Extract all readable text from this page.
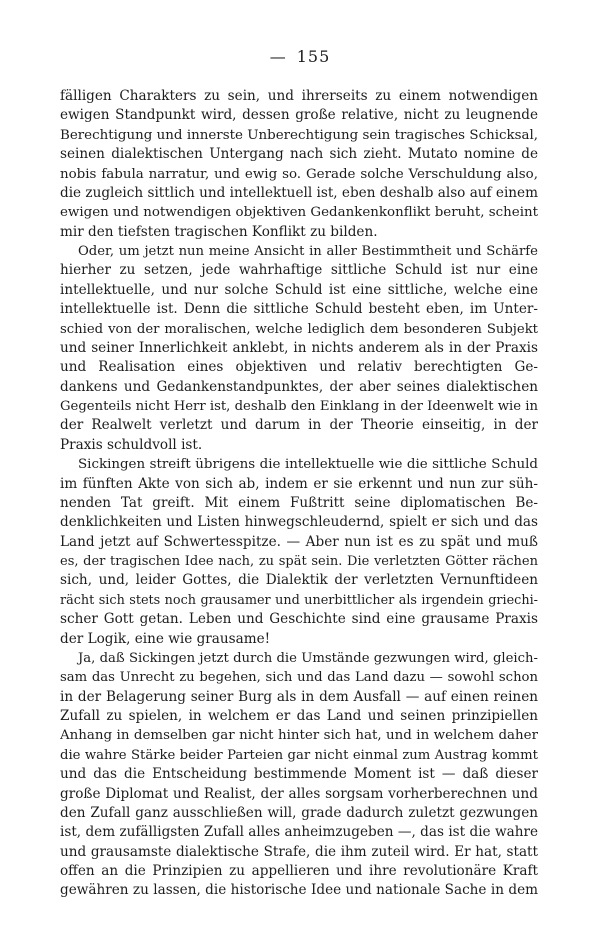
— 155
fälligen Charakters zu sein, und ihrerseits zu einem notwendigen
ewigen Standpunkt wird, dessen große relative, nicht zu leugnende
Berechtigung und innerste Unberechtigung sein tragisches Schicksal,
seinen dialektischen Untergang nach sich zieht. Mutato nomine de
nobis fabula narratur, und ewig so. Gerade solche Verschuldung also,
die zugleich sittlich und intellektuell ist, eben deshalb also auf einem
ewigen und notwendigen objektiven Gedankenkonflikt beruht, scheint
mir den tiefsten tragischen Konflikt zu bilden.
Oder, um jetzt nun meine Ansicht in aller Bestimmtheit und Schärfe
hierher zu setzen, jede wahrhaftige sittliche Schuld ist nur eine
intellektuelle, und nur solche Schuld ist eine sittliche, welche eine
intellektuelle ist. Denn die sittliche Schuld besteht eben, im Unter-
schied von der moralischen, welche lediglich dem besonderen Subjekt
und seiner Innerlichkeit anklebt, in nichts anderem als in der Praxis
und Realisation eines objektiven und relativ berechtigten Ge-
dankens und Gedankenstandpunktes, der aber seines dialektischen
Gegenteils nicht Herr ist, deshalb den Einklang in der Ideenwelt wie in
der Realwelt verletzt und darum in der Theorie einseitig, in der
Praxis schuldvoll ist.
Sickingen streift übrigens die intellektuelle wie die sittliche Schuld
im fünften Akte von sich ab, indem er sie erkennt und nun zur süh-
nenden Tat greift. Mit einem Fußtritt seine diplomatischen Be-
denklichkeiten und Listen hinwegschleudernd, spielt er sich und das
Land jetzt auf Schwertesspitze. — Aber nun ist es zu spät und muß
es, der tragischen Idee nach, zu spät sein. Die verletzten Götter rächen
sich, und, leider Gottes, die Dialektik der verletzten Vernunftideen
rächt sich stets noch grausamer und unerbittlicher als irgendein griechi-
scher Gott getan. Leben und Geschichte sind eine grausame Praxis
der Logik, eine wie grausame!
Ja, daß Sickingen jetzt durch die Umstände gezwungen wird, gleich-
sam das Unrecht zu begehen, sich und das Land dazu — sowohl schon
in der Belagerung seiner Burg als in dem Ausfall — auf einen reinen
Zufall zu spielen, in welchem er das Land und seinen prinzipiellen
Anhang in demselben gar nicht hinter sich hat, und in welchem daher
die wahre Stärke beider Parteien gar nicht einmal zum Austrag kommt
und das die Entscheidung bestimmende Moment ist — daß dieser
große Diplomat und Realist, der alles sorgsam vorherberechnen und
den Zufall ganz ausschließen will, grade dadurch zuletzt gezwungen
ist, dem zufälligsten Zufall alles anheimzugeben —, das ist die wahre
und grausamste dialektische Strafe, die ihm zuteil wird. Er hat, statt
offen an die Prinzipien zu appellieren und ihre revolutionäre Kraft
gewähren zu lassen, die historische Idee und nationale Sache in dem
